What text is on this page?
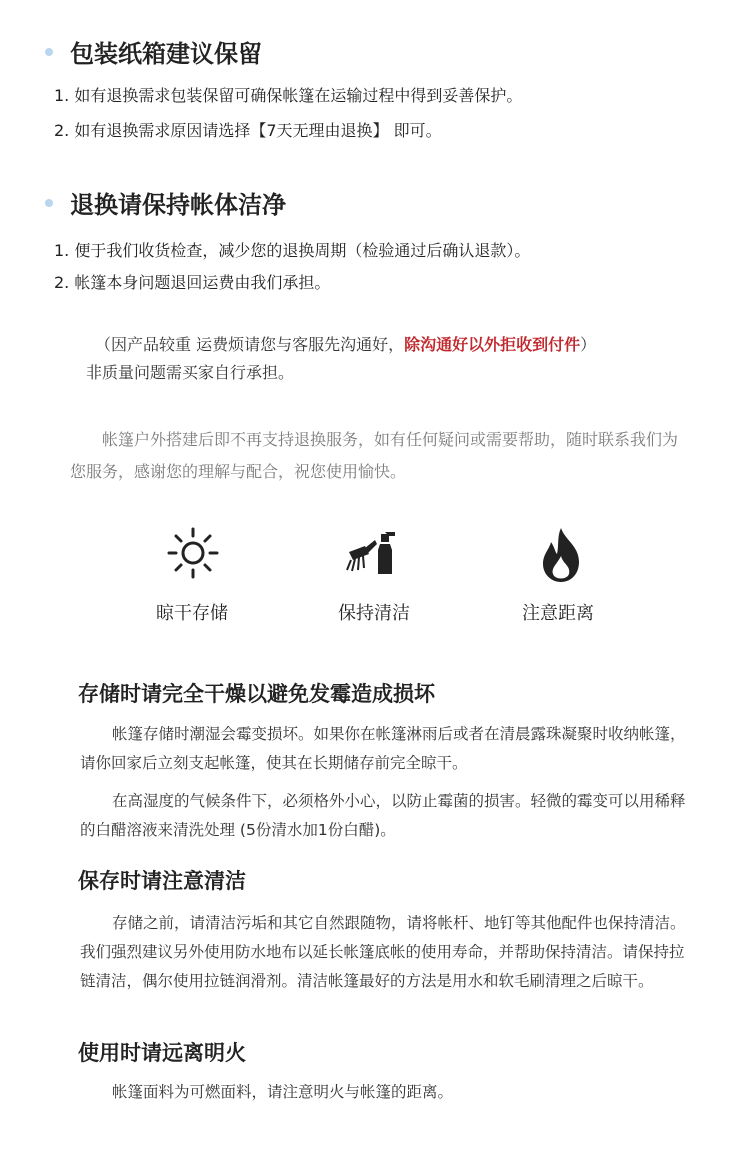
包装纸箱建议保留
1. 如有退换需求包装保留可确保帐篷在运输过程中得到妥善保护。
2. 如有退换需求原因请选择【7天无理由退换】 即可。
退换请保持帐体洁净
1. 便于我们收货检查，减少您的退换周期（检验通过后确认退款）。
2. 帐篷本身问题退回运费由我们承担。
（因产品较重 运费烦请您与客服先沟通好，除沟通好以外拒收到付件）
非质量问题需买家自行承担。
帐篷户外搭建后即不再支持退换服务，如有任何疑问或需要帮助，随时联系我们为您服务，感谢您的理解与配合，祝您使用愉快。
晾干存储	保持清洁	注意距离
存储时请完全干燥以避免发霉造成损坏
帐篷存储时潮湿会霉变损坏。如果你在帐篷淋雨后或者在清晨露珠凝聚时收纳帐篷，请你回家后立刻支起帐篷，使其在长期储存前完全晾干。
在高湿度的气候条件下，必须格外小心，以防止霉菌的损害。轻微的霉变可以用稀释的白醋溶液来清洗处理 (5份清水加1份白醋)。
保存时请注意清洁
存储之前，请清洁污垢和其它自然跟随物，请将帐杆、地钉等其他配件也保持清洁。我们强烈建议另外使用防水地布以延长帐篷底帐的使用寿命，并帮助保持清洁。请保持拉链清洁，偶尔使用拉链润滑剂。清洁帐篷最好的方法是用水和软毛刷清理之后晾干。
使用时请远离明火
帐篷面料为可燃面料，请注意明火与帐篷的距离。
